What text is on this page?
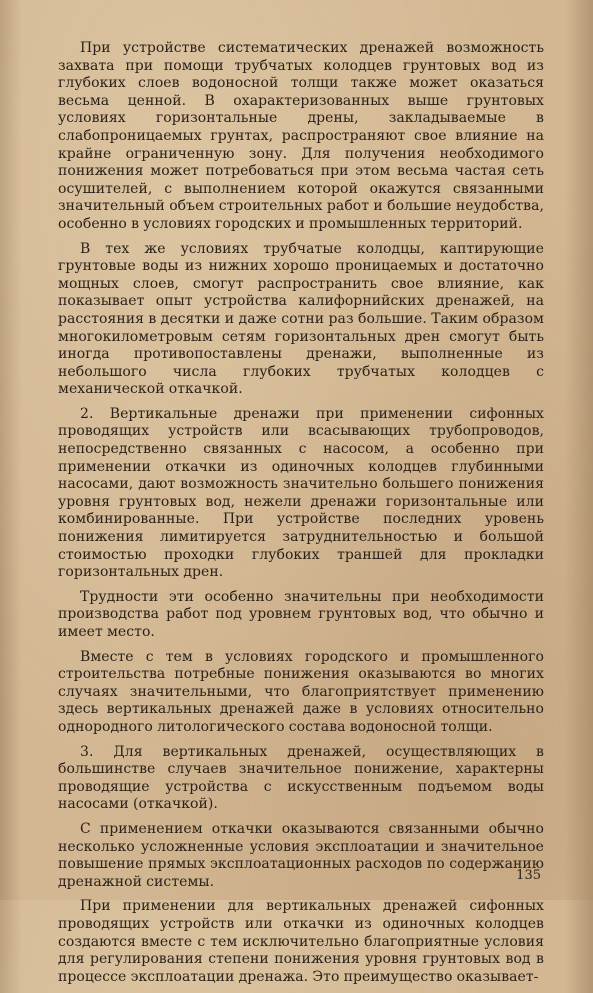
При устройстве систематических дренажей возможность захвата при помощи трубчатых колодцев грунтовых вод из глубоких слоев водоносной толщи также может оказаться весьма ценной. В охарактеризованных выше грунтовых условиях горизонтальные дрены, закладываемые в слабопроницаемых грунтах, распространяют свое влияние на крайне ограниченную зону. Для получения необходимого понижения может потребоваться при этом весьма частая сеть осушителей, с выполнением которой окажутся связанными значительный объем строительных работ и большие неудобства, особенно в условиях городских и промышленных территорий.

В тех же условиях трубчатые колодцы, каптирующие грунтовые воды из нижних хорошо проницаемых и достаточно мощных слоев, смогут распространить свое влияние, как показывает опыт устройства калифорнийских дренажей, на расстояния в десятки и даже сотни раз большие. Таким образом многокилометровым сетям горизонтальных дрен смогут быть иногда противопоставлены дренажи, выполненные из небольшого числа глубоких трубчатых колодцев с механической откачкой.

2. Вертикальные дренажи при применении сифонных проводящих устройств или всасывающих трубопроводов, непосредственно связанных с насосом, а особенно при применении откачки из одиночных колодцев глубинными насосами, дают возможность значительно большего понижения уровня грунтовых вод, нежели дренажи горизонтальные или комбинированные. При устройстве последних уровень понижения лимитируется затруднительностью и большой стоимостью проходки глубоких траншей для прокладки горизонтальных дрен.

Трудности эти особенно значительны при необходимости производства работ под уровнем грунтовых вод, что обычно и имеет место.

Вместе с тем в условиях городского и промышленного строительства потребные понижения оказываются во многих случаях значительными, что благоприятствует применению здесь вертикальных дренажей даже в условиях относительно однородного литологического состава водоносной толщи.

3. Для вертикальных дренажей, осуществляющих в большинстве случаев значительное понижение, характерны проводящие устройства с искусственным подъемом воды насосами (откачкой).

С применением откачки оказываются связанными обычно несколько усложненные условия эксплоатации и значительное повышение прямых эксплоатационных расходов по содержанию дренажной системы.

При применении для вертикальных дренажей сифонных проводящих устройств или откачки из одиночных колодцев создаются вместе с тем исключительно благоприятные условия для регулирования степени понижения уровня грунтовых вод в процессе эксплоатации дренажа. Это преимущество оказывает-

135
